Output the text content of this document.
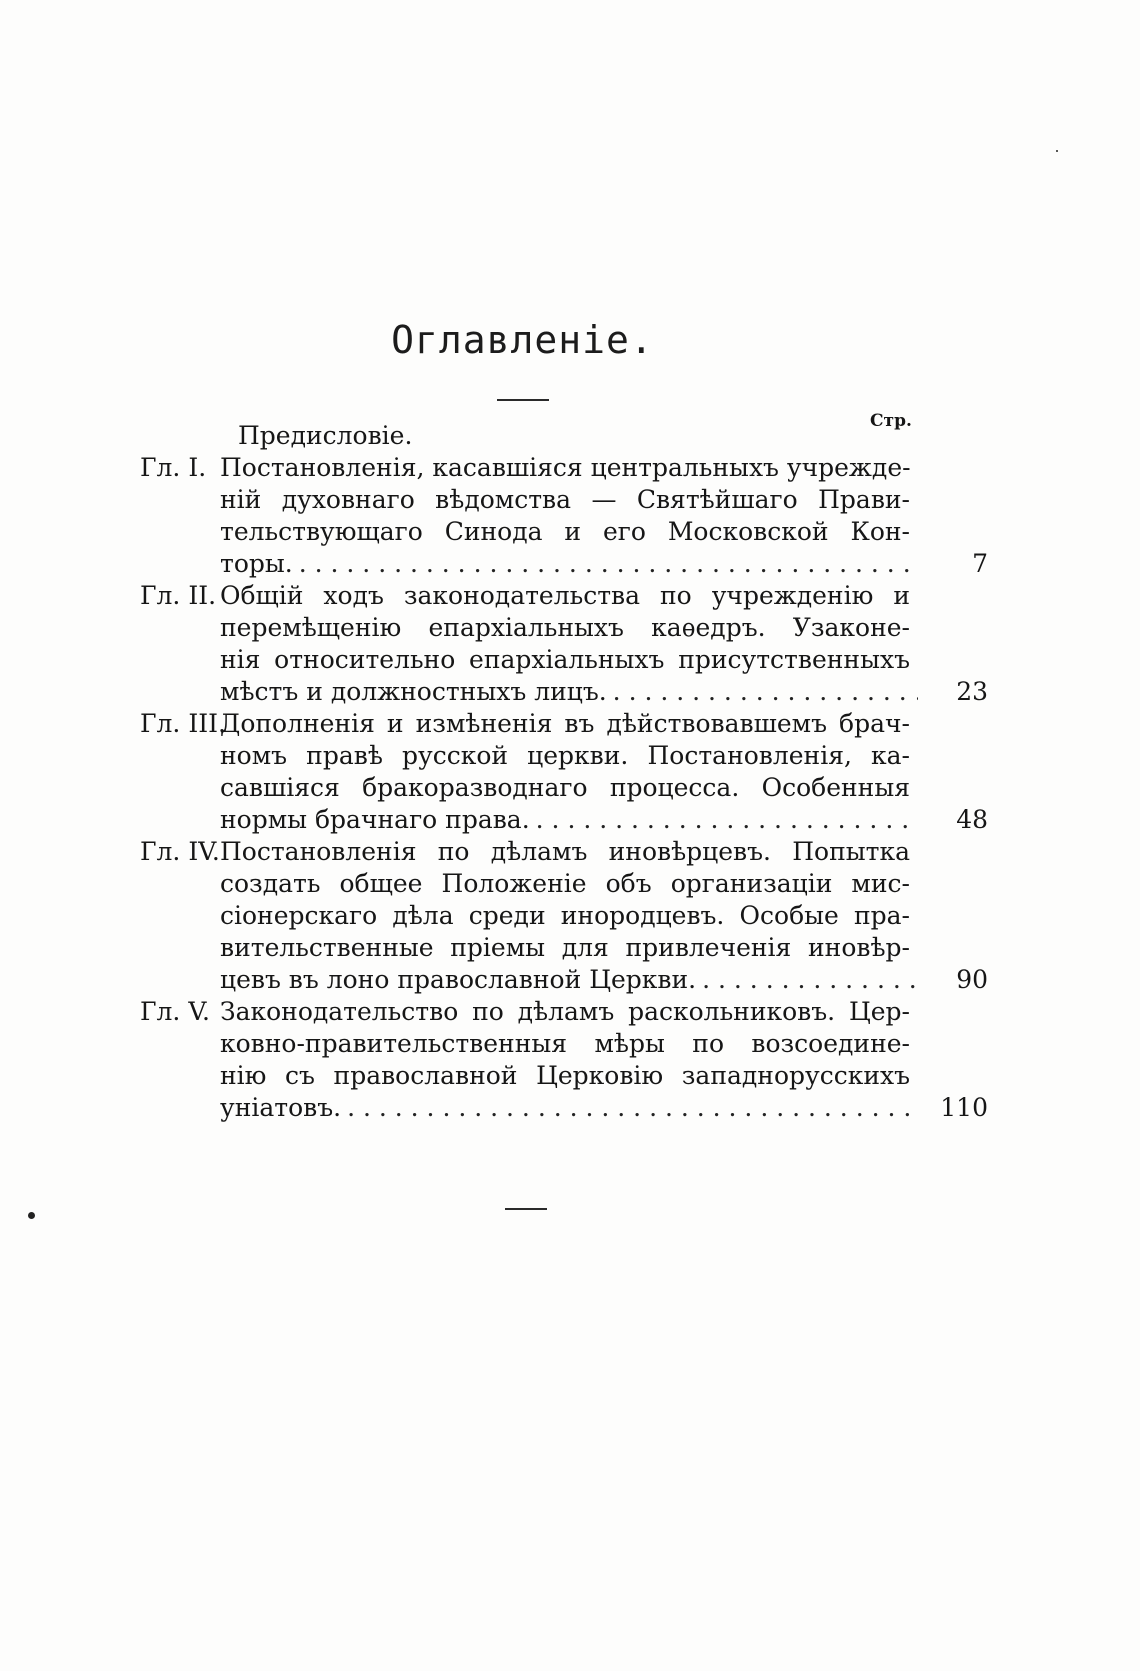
Оглавленіе.
Стр.
Предисловіе.
Гл. I. Постановленія, касавшіяся центральныхъ учрежде-
ній духовнаго вѣдомства — Святѣйшаго Прави-
тельствующаго Синода и его Московской Кон-
торы. . . .	7
Гл. II. Общій ходъ законодательства по учрежденію и
перемѣщенію епархіальныхъ каѳедръ. Узаконе-
нія относительно епархіальныхъ присутственныхъ
мѣстъ и должностныхъ лицъ. . . .	23
Гл. III.
Дополненія и измѣненія въ дѣйствовавшемъ брач-
номъ правѣ русской церкви. Постановленія, ка-
савшіяся бракоразводнаго процесса. Особенныя
нормы брачнаго права. . . .	48
Гл. IV. Постановленія по дѣламъ иновѣрцевъ. Попытка
создать общее Положеніе объ организаціи мис-
сіонерскаго дѣла среди инородцевъ. Особые пра-
вительственные пріемы для привлеченія иновѣр-
цевъ въ лоно православной Церкви. . . .	90
Гл. V. Законодательство по дѣламъ раскольниковъ. Цер-
ковно-правительственныя мѣры по возсоедине-
нію съ православной Церковію западнорусскихъ
уніатовъ. . . .	110
